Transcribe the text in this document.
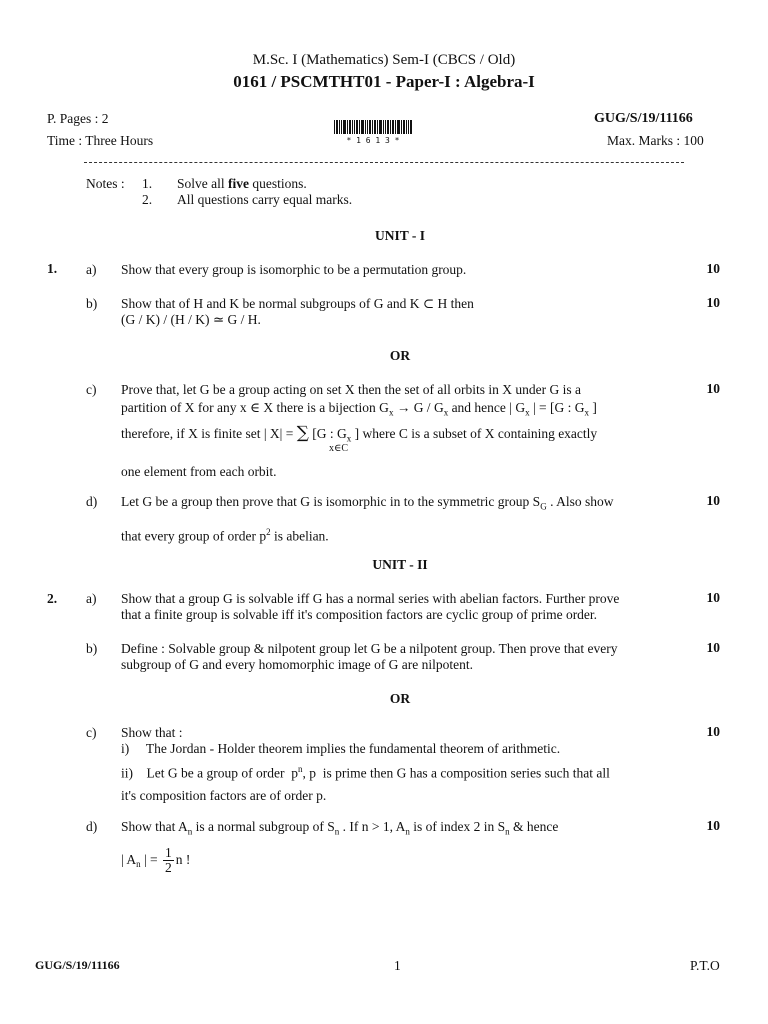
M.Sc. I (Mathematics) Sem-I (CBCS / Old)
0161 / PSCMTHT01 - Paper-I : Algebra-I
P. Pages : 2	GUG/S/19/11166
Time : Three Hours	Max. Marks : 100
* 1 6 1 3 *
Notes : 1. Solve all five questions.
2. All questions carry equal marks.
UNIT - I
1. a) Show that every group is isomorphic to be a permutation group.	10
b) Show that of H and K be normal subgroups of G and K ⊂ H then
(G / K) / (H / K) ≃ G / H.
10
OR
c) Prove that, let G be a group acting on set X then the set of all orbits in X under G is a
partition of X for any x ∈ X there is a bijection $G_x \to G / G_x$ and hence | $G_x$ | = [G : $G_x$ ]
therefore, if X is finite set | X| = ∑ [G : $G_x$ ] where C is a subset of X containing exactly
x∈C
one element from each orbit.
10
d) Let G be a group then prove that G is isomorphic in to the symmetric group $S_G$ . Also show
that every group of order $p^2$ is abelian.
10
UNIT - II
2. a) Show that a group G is solvable iff G has a normal series with abelian factors. Further prove
that a finite group is solvable iff it's composition factors are cyclic group of prime order.
10
b) Define : Solvable group & nilpotent group let G be a nilpotent group. Then prove that every
subgroup of G and every homomorphic image of G are nilpotent.
10
OR
c) Show that :
i)     The Jordan - Holder theorem implies the fundamental theorem of arithmetic.
ii)    Let G be a group of order  $p^n$, p  is prime then G has a composition series such that all
it's composition factors are of order p.
10
d) Show that $A_n$ is a normal subgroup of $S_n$ . If n > 1, $A_n$ is of index 2 in $S_n$ & hence
| $A_n$ | = $\frac{1}{2}$ n !
10
GUG/S/19/11166	1	P.T.O
